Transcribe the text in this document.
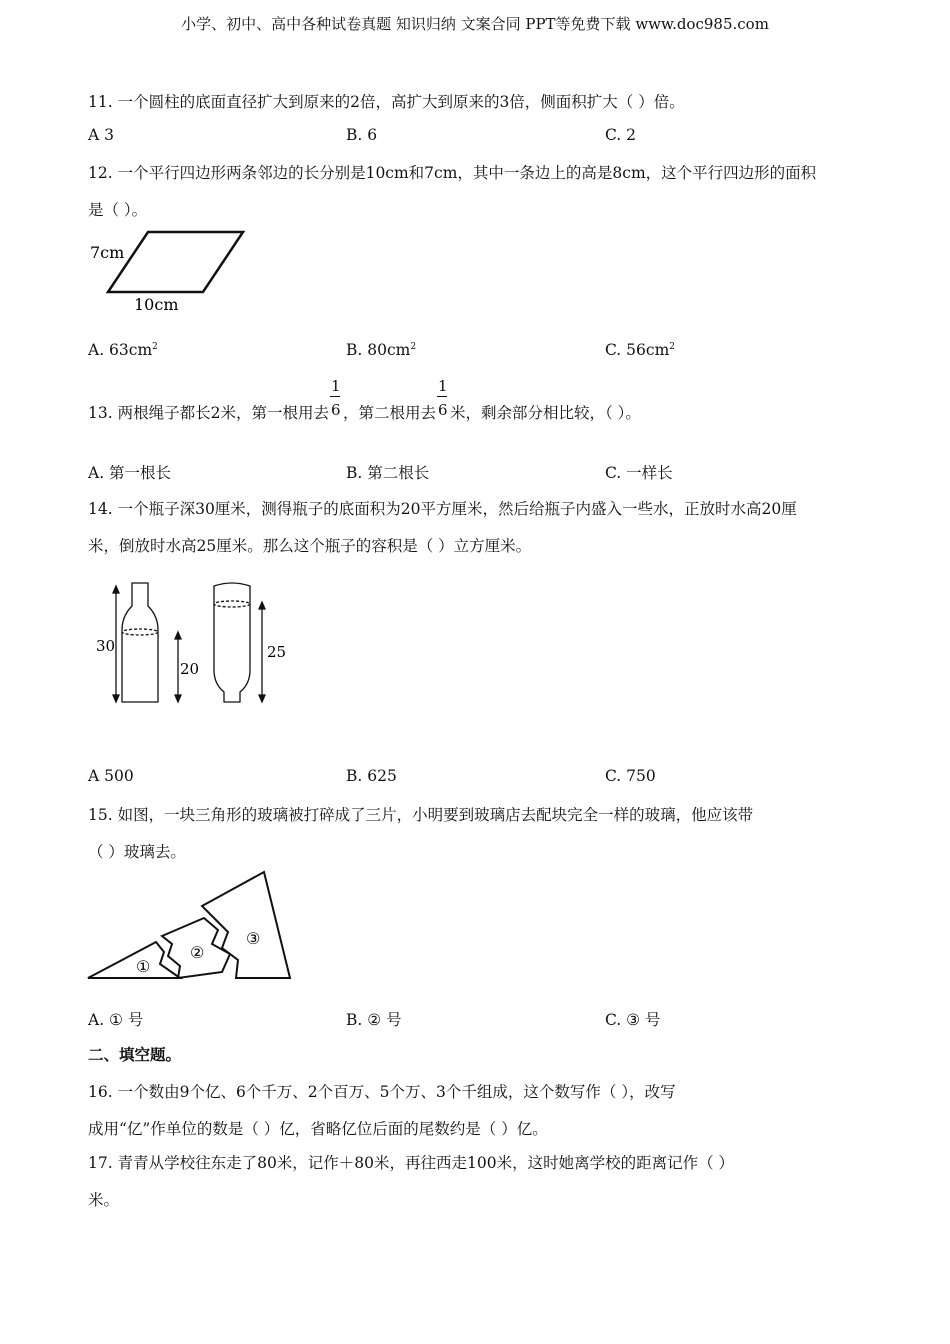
小学、初中、高中各种试卷真题 知识归纳 文案合同 PPT等免费下载 www.doc985.com
11. 一个圆柱的底面直径扩大到原来的2倍，高扩大到原来的3倍，侧面积扩大（ ）倍。
A 3	B. 6	C. 2
12. 一个平行四边形两条邻边的长分别是10cm和7cm，其中一条边上的高是8cm，这个平行四边形的面积
是（ ）。
7cm
10cm
A. $63cm^2$	B. $80cm^2$	C. $56cm^2$
13. 两根绳子都长2米，第一根用去 $\frac{1}{6}$ ，第二根用去 $\frac{1}{6}$ 米，剩余部分相比较，（ ）。
A. 第一根长	B. 第二根长	C. 一样长
14. 一个瓶子深30厘米，测得瓶子的底面积为20平方厘米，然后给瓶子内盛入一些水，正放时水高20厘
米，倒放时水高25厘米。那么这个瓶子的容积是（ ）立方厘米。
30
20
25
A 500	B. 625	C. 750
15. 如图，一块三角形的玻璃被打碎成了三片，小明要到玻璃店去配块完全一样的玻璃，他应该带
（ ）玻璃去。
①
②
③
A. ① 号	B. ② 号	C. ③ 号
二、填空题。
16. 一个数由9个亿、6个千万、2个百万、5个万、3个千组成，这个数写作（ ），改写
成用“亿”作单位的数是（ ）亿，省略亿位后面的尾数约是（ ）亿。
17. 青青从学校往东走了80米，记作＋80米，再往西走100米，这时她离学校的距离记作（ ）
米。
